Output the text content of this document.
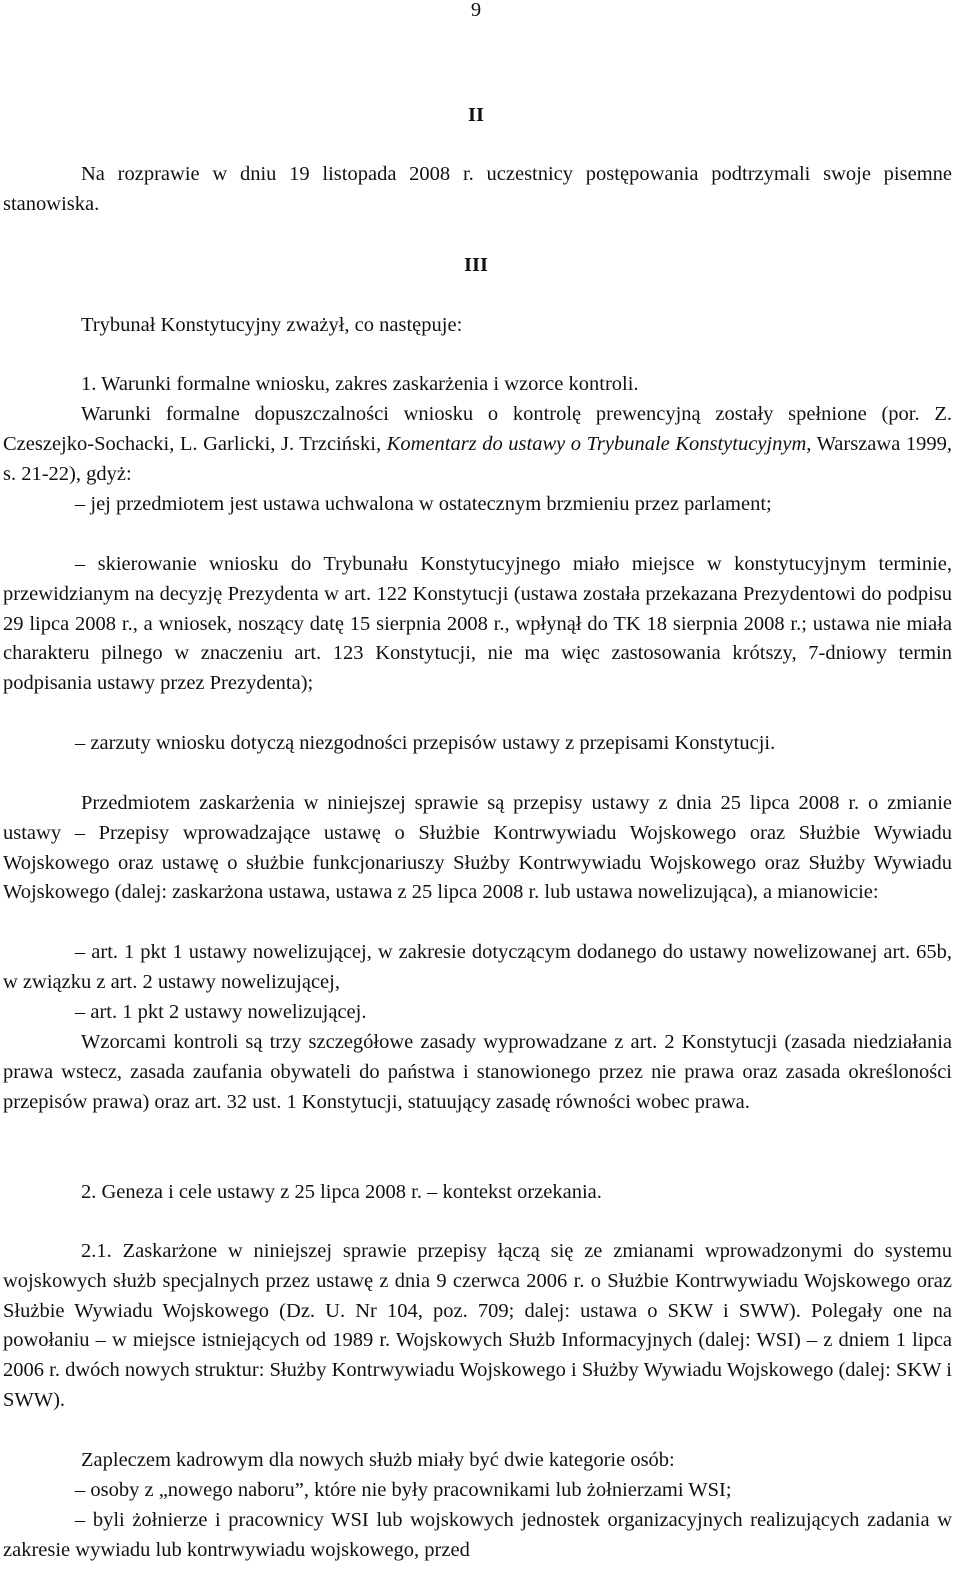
9
II

Na rozprawie w dniu 19 listopada 2008 r. uczestnicy postępowania podtrzymali swoje pisemne stanowiska.

III

Trybunał Konstytucyjny zważył, co następuje:

1. Warunki formalne wniosku, zakres zaskarżenia i wzorce kontroli.

Warunki formalne dopuszczalności wniosku o kontrolę prewencyjną zostały spełnione (por. Z. Czeszejko-Sochacki, L. Garlicki, J. Trzciński, Komentarz do ustawy o Trybunale Konstytucyjnym, Warszawa 1999, s. 21-22), gdyż:

– jej przedmiotem jest ustawa uchwalona w ostatecznym brzmieniu przez parlament;

– skierowanie wniosku do Trybunału Konstytucyjnego miało miejsce w konstytucyjnym terminie, przewidzianym na decyzję Prezydenta w art. 122 Konstytucji (ustawa została przekazana Prezydentowi do podpisu 29 lipca 2008 r., a wniosek, noszący datę 15 sierpnia 2008 r., wpłynął do TK 18 sierpnia 2008 r.; ustawa nie miała charakteru pilnego w znaczeniu art. 123 Konstytucji, nie ma więc zastosowania krótszy, 7-dniowy termin podpisania ustawy przez Prezydenta);

– zarzuty wniosku dotyczą niezgodności przepisów ustawy z przepisami Konstytucji.

Przedmiotem zaskarżenia w niniejszej sprawie są przepisy ustawy z dnia 25 lipca 2008 r. o zmianie ustawy – Przepisy wprowadzające ustawę o Służbie Kontrwywiadu Wojskowego oraz Służbie Wywiadu Wojskowego oraz ustawę o służbie funkcjonariuszy Służby Kontrwywiadu Wojskowego oraz Służby Wywiadu Wojskowego (dalej: zaskarżona ustawa, ustawa z 25 lipca 2008 r. lub ustawa nowelizująca), a mianowicie:

– art. 1 pkt 1 ustawy nowelizującej, w zakresie dotyczącym dodanego do ustawy nowelizowanej art. 65b, w związku z art. 2 ustawy nowelizującej,

– art. 1 pkt 2 ustawy nowelizującej.

Wzorcami kontroli są trzy szczegółowe zasady wyprowadzane z art. 2 Konstytucji (zasada niedziałania prawa wstecz, zasada zaufania obywateli do państwa i stanowionego przez nie prawa oraz zasada określoności przepisów prawa) oraz art. 32 ust. 1 Konstytucji, statuujący zasadę równości wobec prawa.

2. Geneza i cele ustawy z 25 lipca 2008 r. – kontekst orzekania.

2.1. Zaskarżone w niniejszej sprawie przepisy łączą się ze zmianami wprowadzonymi do systemu wojskowych służb specjalnych przez ustawę z dnia 9 czerwca 2006 r. o Służbie Kontrwywiadu Wojskowego oraz Służbie Wywiadu Wojskowego (Dz. U. Nr 104, poz. 709; dalej: ustawa o SKW i SWW). Polegały one na powołaniu – w miejsce istniejących od 1989 r. Wojskowych Służb Informacyjnych (dalej: WSI) – z dniem 1 lipca 2006 r. dwóch nowych struktur: Służby Kontrwywiadu Wojskowego i Służby Wywiadu Wojskowego (dalej: SKW i SWW).

Zapleczem kadrowym dla nowych służb miały być dwie kategorie osób:

– osoby z „nowego naboru”, które nie były pracownikami lub żołnierzami WSI;

– byli żołnierze i pracownicy WSI lub wojskowych jednostek organizacyjnych realizujących zadania w zakresie wywiadu lub kontrwywiadu wojskowego, przed
